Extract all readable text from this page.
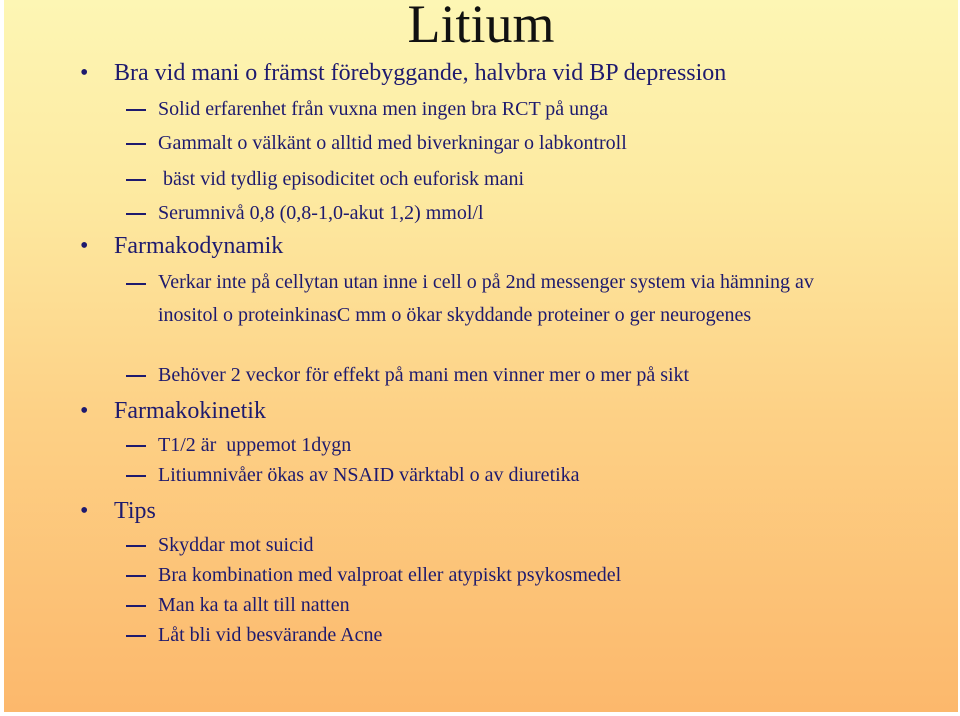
Litium
• Bra vid mani o främst förebyggande, halvbra vid BP depression
Solid erfarenhet från vuxna men ingen bra RCT på unga
Gammalt o välkänt o alltid med biverkningar o labkontroll
bäst vid tydlig episodicitet och euforisk mani
Serumnivå 0,8 (0,8-1,0-akut 1,2) mmol/l
• Farmakodynamik
Verkar inte på cellytan utan inne i cell o på 2nd messenger system via hämning av inositol o proteinkinasC mm o ökar skyddande proteiner o ger neurogenes
Behöver 2 veckor för effekt på mani men vinner mer o mer på sikt
• Farmakokinetik
T1/2 är  uppemot 1dygn
Litiumnivåer ökas av NSAID värktabl o av diuretika
• Tips
Skyddar mot suicid
Bra kombination med valproat eller atypiskt psykosmedel
Man ka ta allt till natten
Låt bli vid besvärande Acne
